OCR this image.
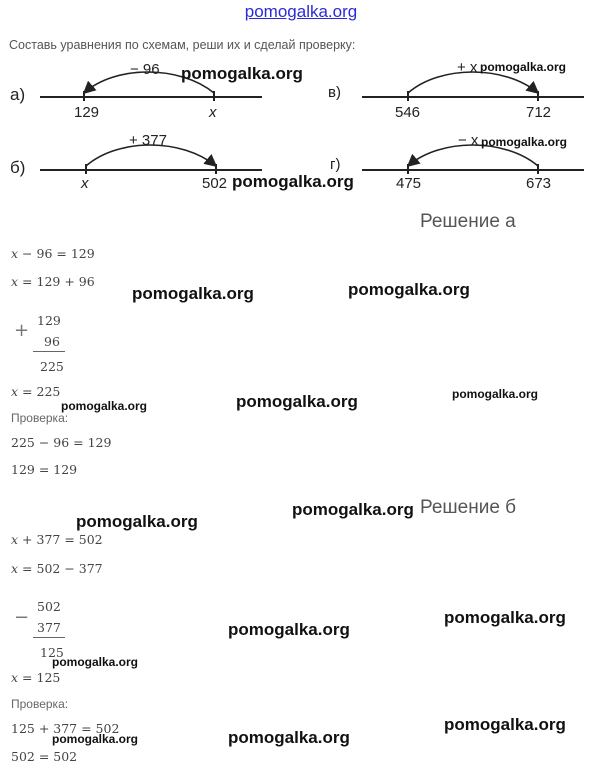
pomogalka.org
Составь уравнения по схемам, реши их и сделай проверку:
а)
− 96
129	x
б)
+ 377
x	502
в)
+ x
546	712
г)
− x
475	673
Решение а
x − 96 = 129
x = 129 + 96
+ 129
96
225
x = 225
Проверка:
225 − 96 = 129
129 = 129
Решение б
x + 377 = 502
x = 502 − 377
−
502
377
125
x = 125
Проверка:
125 + 377 = 502
502 = 502
pomogalka.org	pomogalka.org
pomogalka.org
pomogalka.org
pomogalka.org	pomogalka.org
pomogalka.org	pomogalka.org	pomogalka.org
pomogalka.org
pomogalka.org
pomogalka.org
pomogalka.org
pomogalka.org
pomogalka.org
pomogalka.org	pomogalka.org
